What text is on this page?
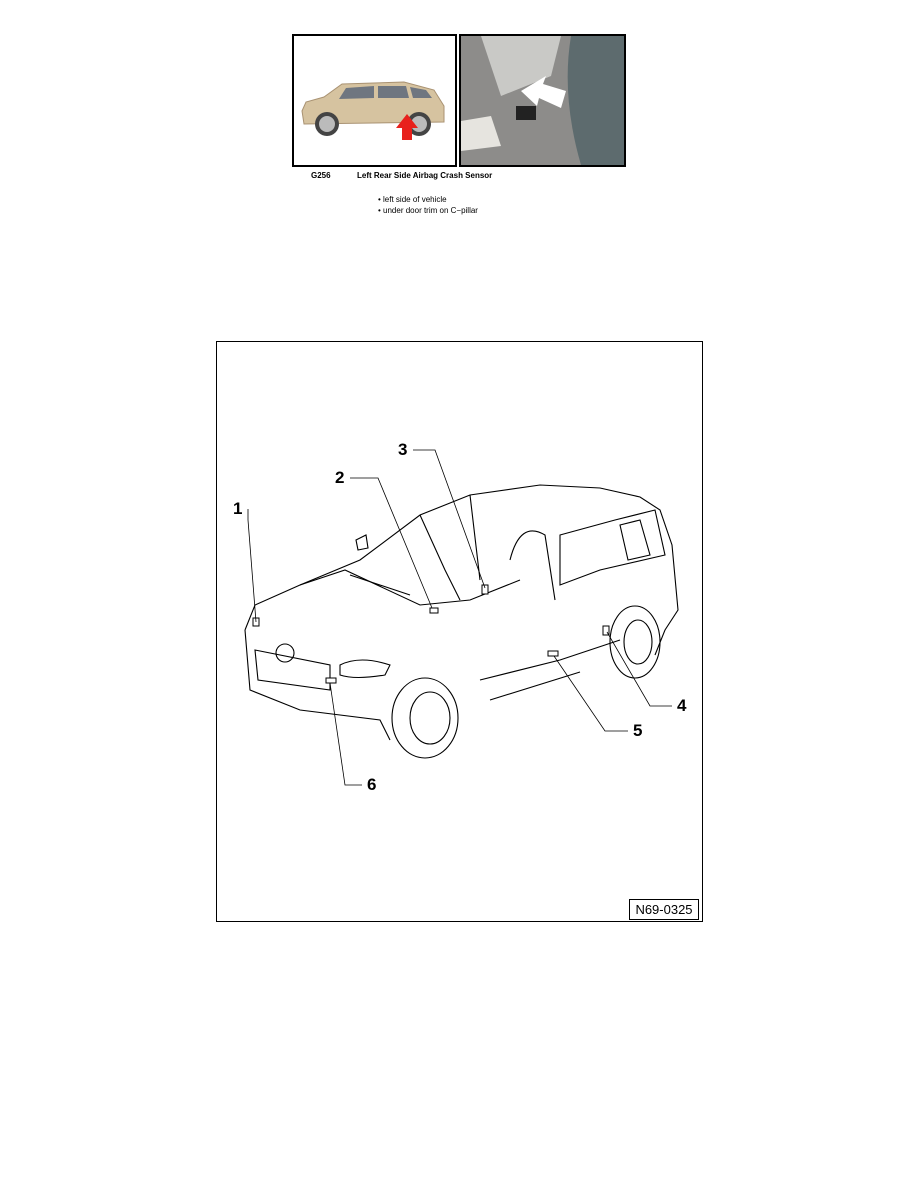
G256	Left Rear Side Airbag Crash Sensor
• left side of vehicle
• under door trim on C−pillar
1
2
3
4
5
6
N69-0325
